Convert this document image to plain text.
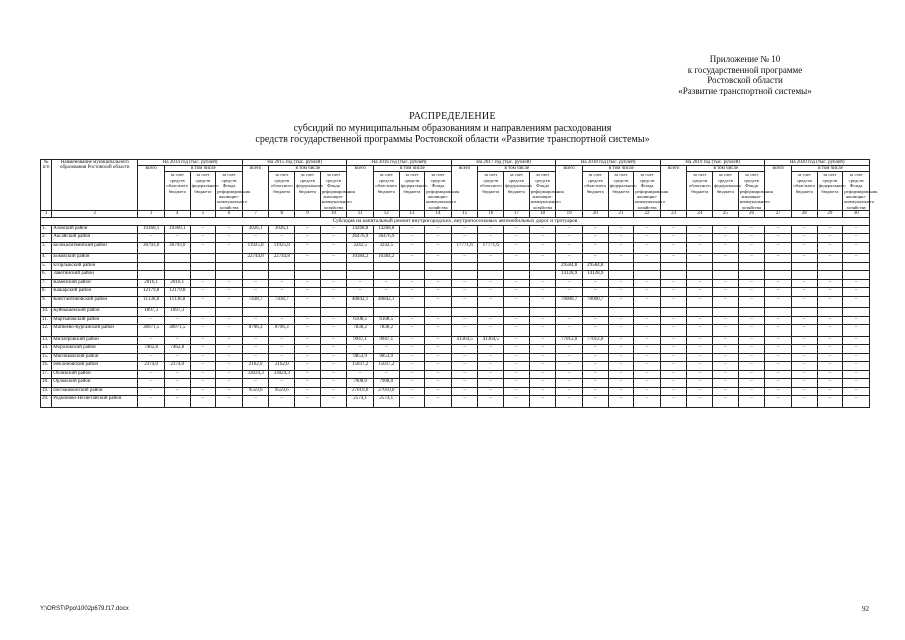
Приложение № 10
к государственной программе
Ростовской области
«Развитие транспортной системы»
РАСПРЕДЕЛЕНИЕ
субсидий по муниципальным образованиям и направлениям расходования
средств государственной программы Ростовской области «Развитие транспортной системы»
№ п/п	Наименование муниципального образования Ростовской области	На 2014 год (тыс. рублей)				На 2015 год (тыс. рублей)				На 2016 год (тыс. рублей)				На 2017 год (тыс. рублей)				На 2018 год (тыс. рублей)				На 2019 год (тыс. рублей)				На 2020 год (тыс. рублей)			
		всего	в том числе			всего	в том числе			всего	в том числе			всего	в том числе			всего	в том числе			всего	в том числе			всего	в том числе		
			за счет средств областного бюджета	за счет средств федерального бюджета	за счет средств Фонда реформирования жилищно-коммунального хозяйства		за счет средств областного бюджета	за счет средств федерального бюджета	за счет средств Фонда реформирования жилищно-коммунального хозяйства		за счет средств областного бюджета	за счет средств федерального бюджета	за счет средств Фонда реформирования жилищно-коммунального хозяйства		за счет средств областного бюджета	за счет средств федерального бюджета	за счет средств Фонда реформирования жилищно-коммунального хозяйства		за счет средств областного бюджета	за счет средств федерального бюджета	за счет средств Фонда реформирования жилищно-коммунального хозяйства		за счет средств областного бюджета	за счет средств федерального бюджета	за счет средств Фонда реформирования жилищно-коммунального хозяйства		за счет средств областного бюджета	за счет средств федерального бюджета	за счет средств Фонда реформирования жилищно-коммунального хозяйства
1	2	3	4	5	6	7	8	9	10	11	12	13	14	15	16	17	18	19	20	21	22	23	24	25	26	27	28	29	30
Субсидия на капитальный ремонт внутригородских, внутрипоселковых автомобильных дорог и тротуаров																													
1.	Азовский район	19360,1	19360,1	–	–	3026,1	3026,1	–	–	14268,8	14268,8	–	–	–	–	–	–	–	–	–	–	–	–	–	–	–	–	–	–
2.	Аксайский район	–	–	–	–	–	–	–	–	36476,9	36476,9	–	–	–	–	–	–	–	–	–	–	–	–	–	–	–	–	–	–
3.	Белокалитвинский район	36793,0	36793,0	–	–	11925,8	11925,8	–	–	3242,5	3242,5	–	–	17771,6	17771,6	–	–	–	–	–	–	–	–	–	–	–	–	–	–
4.	Боковский район					22744,8	22744,8	–	–	10384,2	10384,2	–	–	–	–	–	–	–	–	–	–	–	–	–	–	–	–	–	–
5.	Егорлыкский район																	29584,8	29584,8										
6.	Заветинский район																	14128,9	14128,9										
7.	Каменский район	2016,1	2016,1	–	–	–	–	–	–	–	–	–	–	–	–	–	–	–	–	–	–	–	–	–	–	–	–	–	–
8.	Кашарский район	12179,8	12179,8	–	–	–	–	–	–	–	–	–	–	–	–	–	–	–	–	–	–	–	–	–	–	–	–	–	–
9.	Константиновский район	11136,8	11136,8	–	–	7438,7	7438,7	–	–	40842,1	40842,1	–	–	–	–	–	–	70000,7	70000,7	–	–	–	–	–	–	–	–	–	–
10.	Куйбышевский район	1897,3	1897,3																										
11.	Мартыновский район	–	–	–	–	–	–	–	–	6108,5	6108,5	–	–	–	–	–	–	–	–	–	–	–	–	–	–	–	–	–	–
12.	Матвеево-Курганский район	38971,5	38971,5	–	–	8796,3	8796,3	–	–	7838,2	7838,2	–	–	–	–	–	–	–	–	–	–	–	–	–	–	–	–	–	–
13.	Миллеровский район	–	–	–	–	–	–	–	–	9947,1	9947,1	–	–	41364,5	41364,5	–	–	77012,0	77012,0	–	–	–	–	–	–	–	–	–	–
14.	Морозовский район	7462,8	7462,8	–	–	–	–	–	–	–	–	–	–	–	–	–	–	–	–	–	–	–	–	–	–	–	–	–	–
15.	Мясниковский район	–	–	–	–	–	–	–	–	9853,9	9853,9	–	–	–	–	–	–	–	–	–	–	–	–	–	–	–	–	–	–
16.	Неклиновский район	2374,0	2374,0	–	–	2162,0	2162,0	–	–	15037,2	15037,2	–	–	–	–	–	–	–	–	–	–	–	–	–	–	–	–	–	–
17.	Обливский район	–	–	–	–	33024,3	33024,3	–	–	–	–	–	–	–	–	–	–	–	–	–	–	–	–	–	–	–	–	–	–
18.	Орловский район	–	–	–	–	–	–	–	–	7908,0	7908,0	–	–	–	–	–	–	–	–	–	–	–	–	–	–	–	–	–	–
19.	Песчанокопский район	–	–	–	–	9559,6	9559,6	–	–	27010,0	27010,0	–	–	–	–	–	–	–	–	–	–	–	–	–	–	–	–	–	–
20.	Родионово-Несветайский район	–	–	–	–	–	–	–	–	2574,1	2574,1	–	–	–	–	–	–	–	–	–	–	–	–	–	–	–	–	–	–
Y:\ORST\Ppo\1002p679.f17.docx	92
